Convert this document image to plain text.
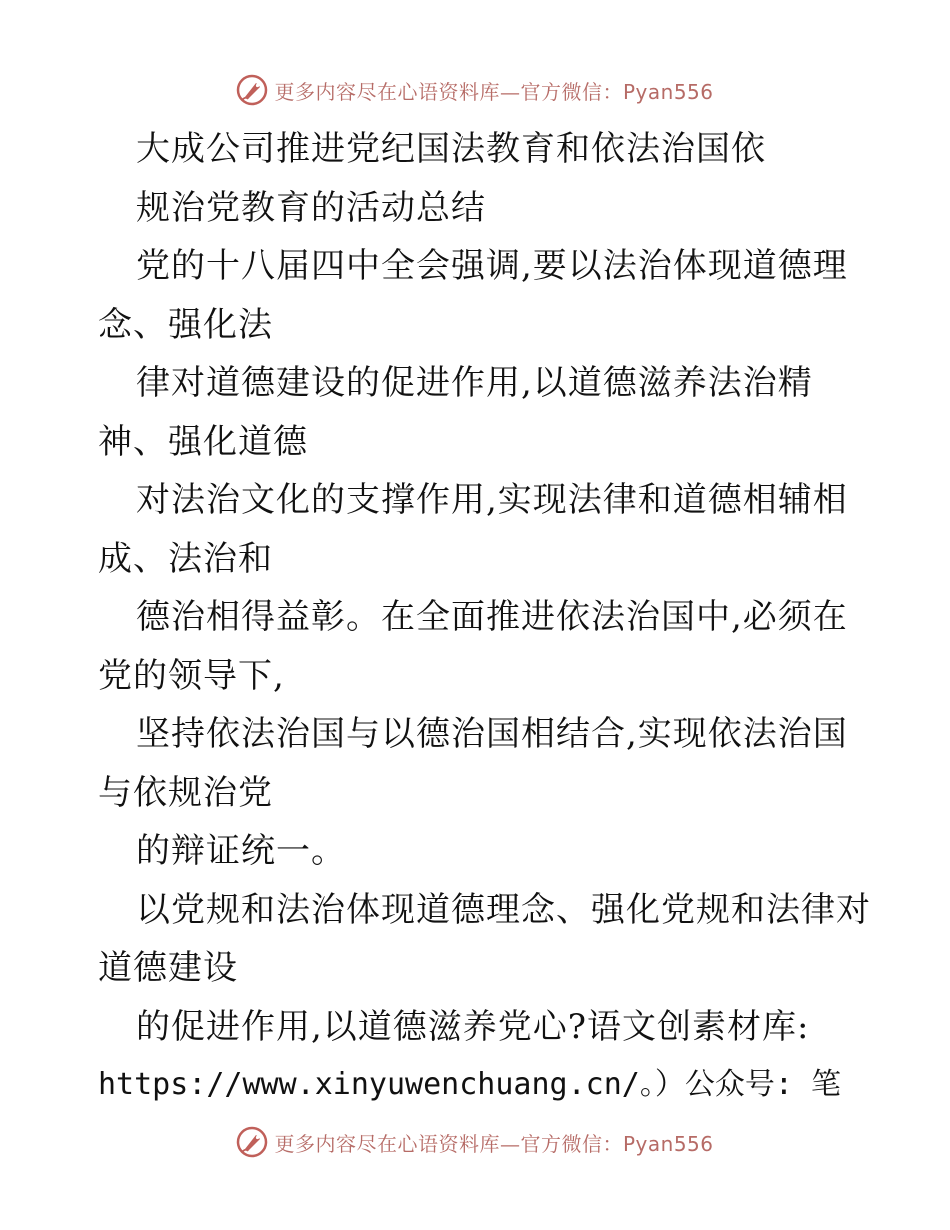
更多内容尽在心语资料库—官方微信：Pyan556
大成公司推进党纪国法教育和依法治国依
规治党教育的活动总结
党的十八届四中全会强调,要以法治体现道德理
念、强化法
律对道德建设的促进作用,以道德滋养法治精
神、强化道德
对法治文化的支撑作用,实现法律和道德相辅相
成、法治和
德治相得益彰。在全面推进依法治国中,必须在
党的领导下,
坚持依法治国与以德治国相结合,实现依法治国
与依规治党
的辩证统一。
以党规和法治体现道德理念、强化党规和法律对
道德建设
的促进作用,以道德滋养党心?语文创素材库:
https://www.xinyuwenchuang.cn/。）公众号: 笔
更多内容尽在心语资料库—官方微信：Pyan556
